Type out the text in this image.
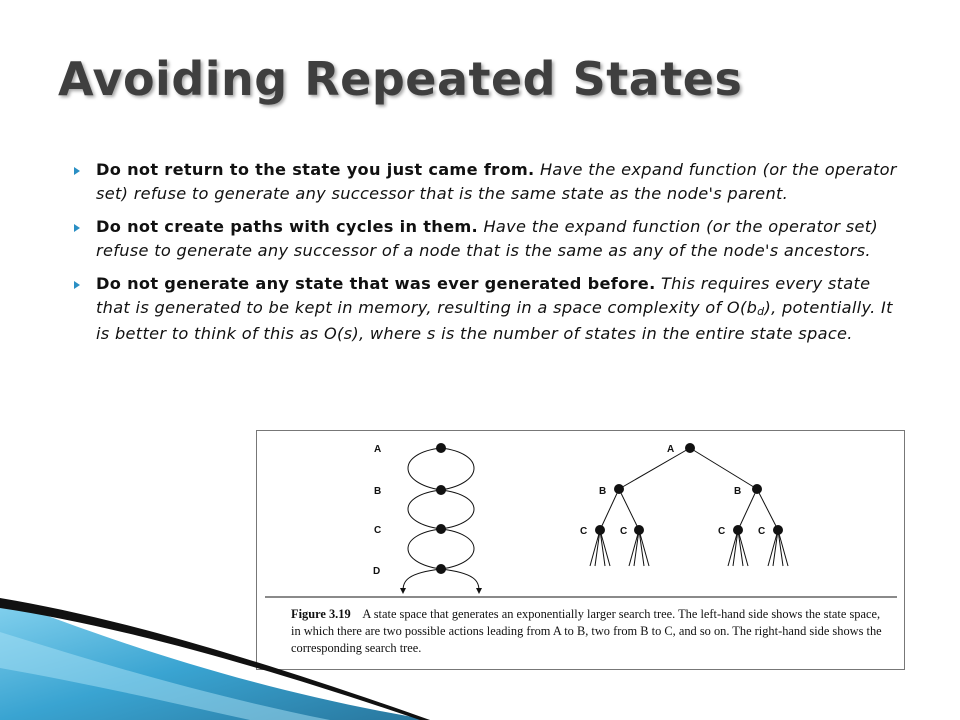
Avoiding Repeated States
Do not return to the state you just came from. Have the expand function (or the operator set) refuse to generate any successor that is the same state as the node's parent.
Do not create paths with cycles in them. Have the expand function (or the operator set) refuse to generate any successor of a node that is the same as any of the node's ancestors.
Do not generate any state that was ever generated before. This requires every state that is generated to be kept in memory, resulting in a space complexity of O(bd), potentially. It is better to think of this as O(s), where s is the number of states in the entire state space.
A
B
C
D
A
B	B
C	C	C	C

Figure 3.19 A state space that generates an exponentially larger search tree. The left-hand side shows the state space, in which there are two possible actions leading from A to B, two from B to C, and so on. The right-hand side shows the corresponding search tree.
